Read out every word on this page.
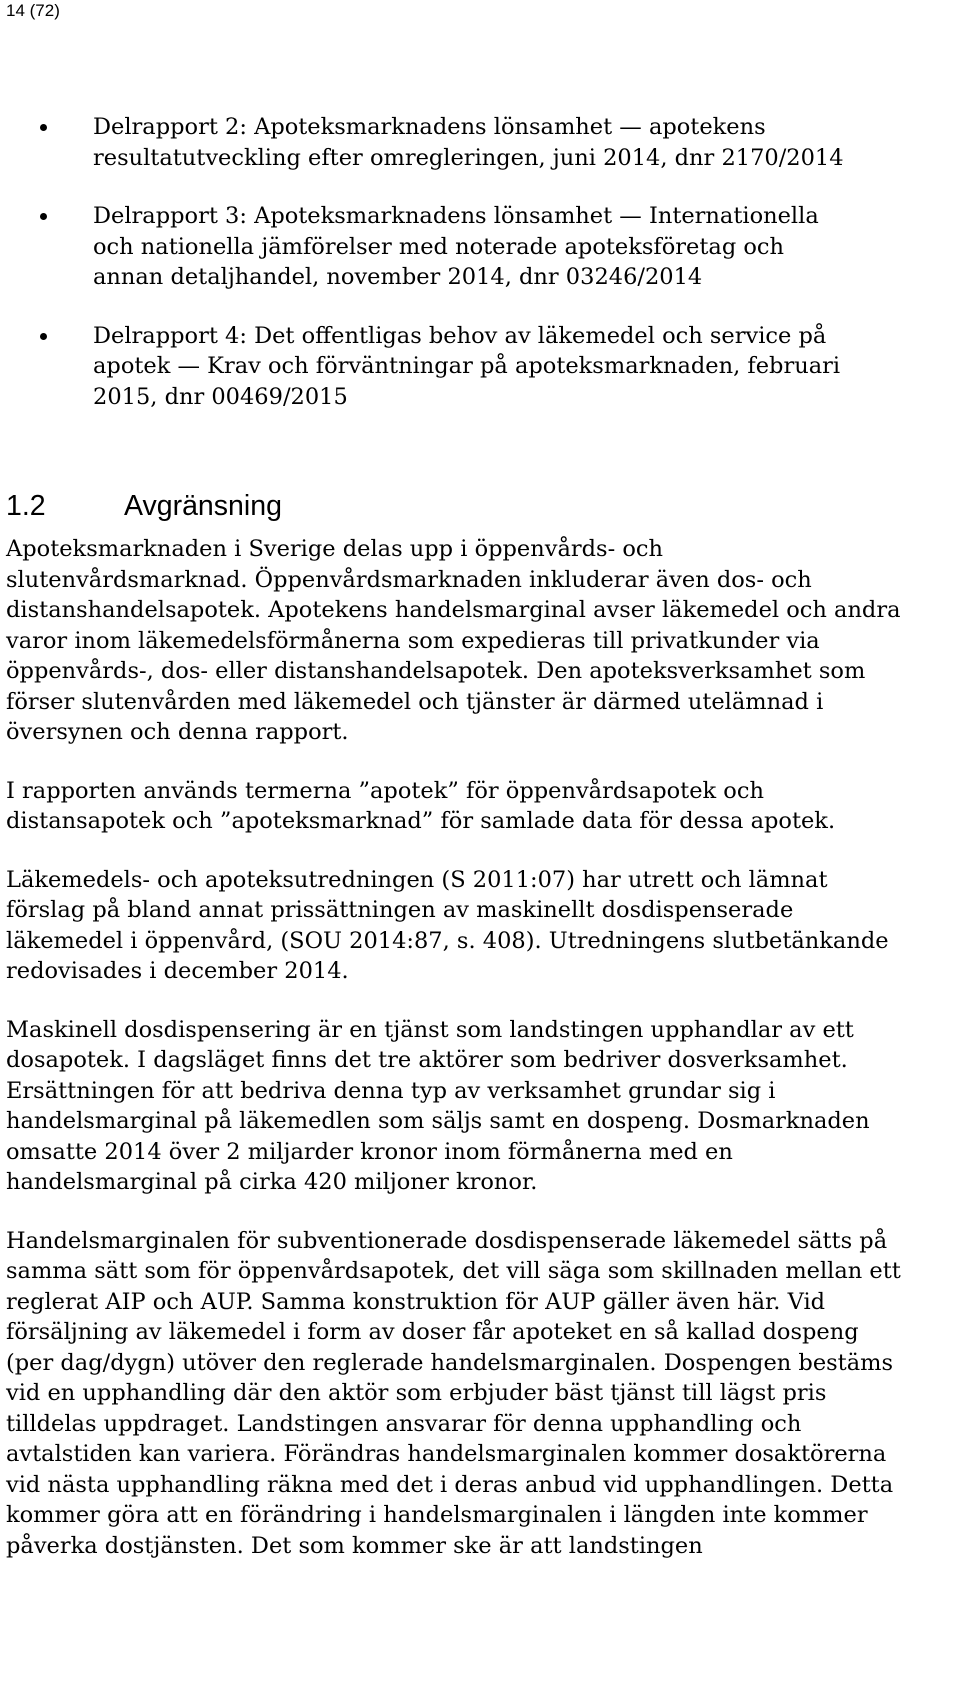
14 (72)
Delrapport 2: Apoteksmarknadens lönsamhet — apotekens resultatutveckling efter omregleringen, juni 2014, dnr 2170/2014
Delrapport 3: Apoteksmarknadens lönsamhet — Internationella och nationella jämförelser med noterade apoteksföretag och annan detaljhandel, november 2014, dnr 03246/2014
Delrapport 4: Det offentligas behov av läkemedel och service på apotek — Krav och förväntningar på apoteksmarknaden, februari 2015, dnr 00469/2015
1.2	Avgränsning

Apoteksmarknaden i Sverige delas upp i öppenvårds- och slutenvårdsmarknad. Öppenvårdsmarknaden inkluderar även dos- och distanshandelsapotek. Apotekens handelsmarginal avser läkemedel och andra varor inom läkemedelsförmånerna som expedieras till privatkunder via öppenvårds-, dos- eller distanshandelsapotek. Den apoteksverksamhet som förser slutenvården med läkemedel och tjänster är därmed utelämnad i översynen och denna rapport.

I rapporten används termerna ”apotek” för öppenvårdsapotek och distansapotek och ”apoteksmarknad” för samlade data för dessa apotek.

Läkemedels- och apoteksutredningen (S 2011:07) har utrett och lämnat förslag på bland annat prissättningen av maskinellt dosdispenserade läkemedel i öppenvård, (SOU 2014:87, s. 408). Utredningens slutbetänkande redovisades i december 2014.

Maskinell dosdispensering är en tjänst som landstingen upphandlar av ett dosapotek. I dagsläget finns det tre aktörer som bedriver dosverksamhet. Ersättningen för att bedriva denna typ av verksamhet grundar sig i handelsmarginal på läkemedlen som säljs samt en dospeng. Dosmarknaden omsatte 2014 över 2 miljarder kronor inom förmånerna med en handelsmarginal på cirka 420 miljoner kronor.

Handelsmarginalen för subventionerade dosdispenserade läkemedel sätts på samma sätt som för öppenvårdsapotek, det vill säga som skillnaden mellan ett reglerat AIP och AUP. Samma konstruktion för AUP gäller även här. Vid försäljning av läkemedel i form av doser får apoteket en så kallad dospeng (per dag/dygn) utöver den reglerade handelsmarginalen. Dospengen bestäms vid en upphandling där den aktör som erbjuder bäst tjänst till lägst pris tilldelas uppdraget. Landstingen ansvarar för denna upphandling och avtalstiden kan variera. Förändras handelsmarginalen kommer dosaktörerna vid nästa upphandling räkna med det i deras anbud vid upphandlingen. Detta kommer göra att en förändring i handelsmarginalen i längden inte kommer påverka dostjänsten. Det som kommer ske är att landstingen
